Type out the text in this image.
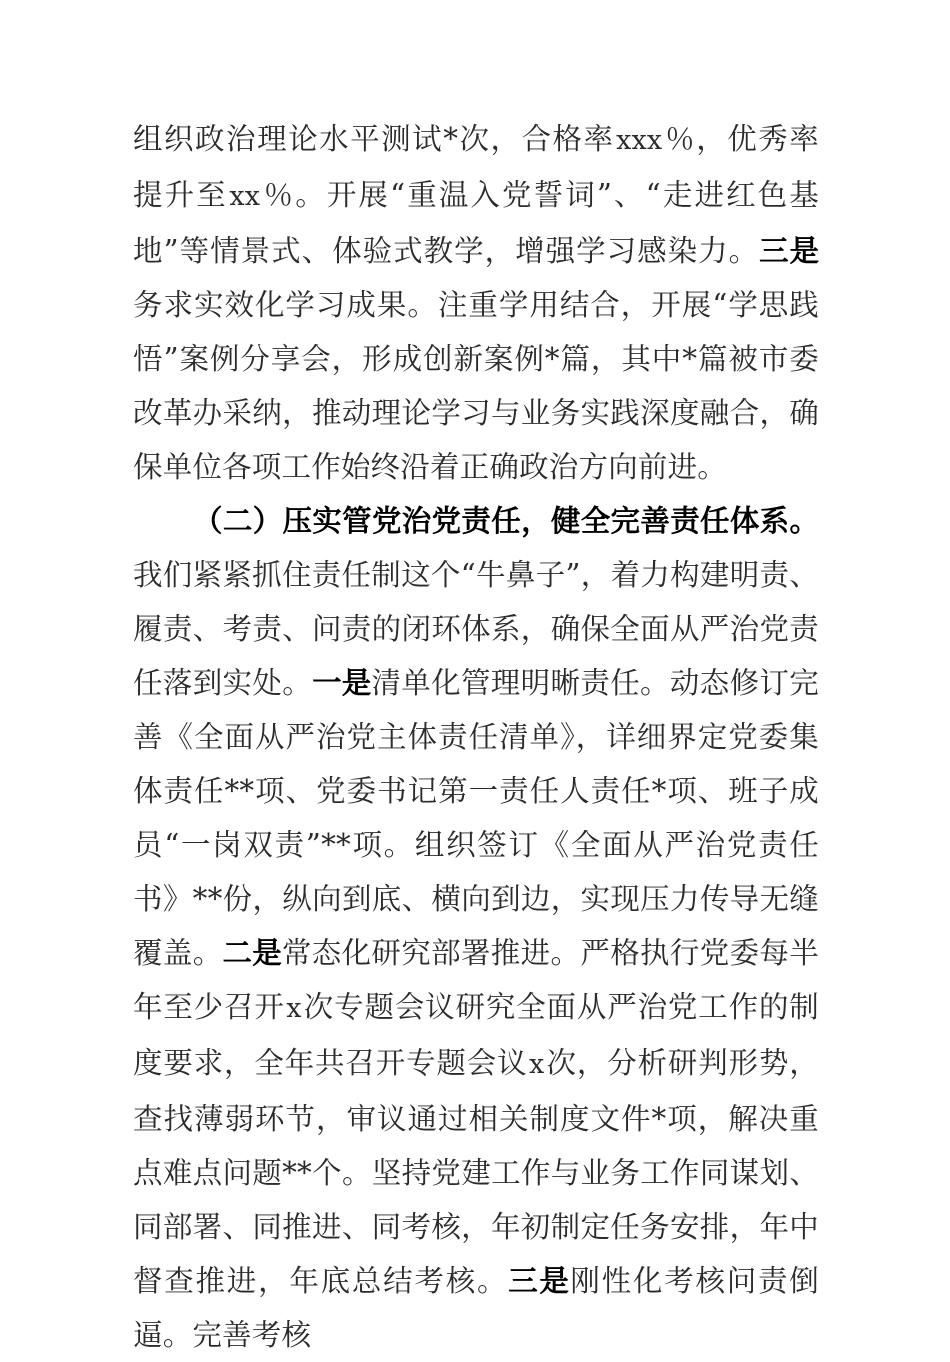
组织政治理论水平测试*次，合格率xxx％，优秀率提升至xx％。开展“重温入党誓词”、“走进红色基地”等情景式、体验式教学，增强学习感染力。三是务求实效化学习成果。注重学用结合，开展“学思践悟”案例分享会，形成创新案例*篇，其中*篇被市委改革办采纳，推动理论学习与业务实践深度融合，确保单位各项工作始终沿着正确政治方向前进。

（二）压实管党治党责任，健全完善责任体系。我们紧紧抓住责任制这个“牛鼻子”，着力构建明责、履责、考责、问责的闭环体系，确保全面从严治党责任落到实处。一是清单化管理明晰责任。动态修订完善《全面从严治党主体责任清单》，详细界定党委集体责任**项、党委书记第一责任人责任*项、班子成员“一岗双责”**项。组织签订《全面从严治党责任书》**份，纵向到底、横向到边，实现压力传导无缝覆盖。二是常态化研究部署推进。严格执行党委每半年至少召开x次专题会议研究全面从严治党工作的制度要求，全年共召开专题会议x次，分析研判形势，查找薄弱环节，审议通过相关制度文件*项，解决重点难点问题**个。坚持党建工作与业务工作同谋划、同部署、同推进、同考核，年初制定任务安排，年中督查推进，年底总结考核。三是刚性化考核问责倒逼。完善考核
